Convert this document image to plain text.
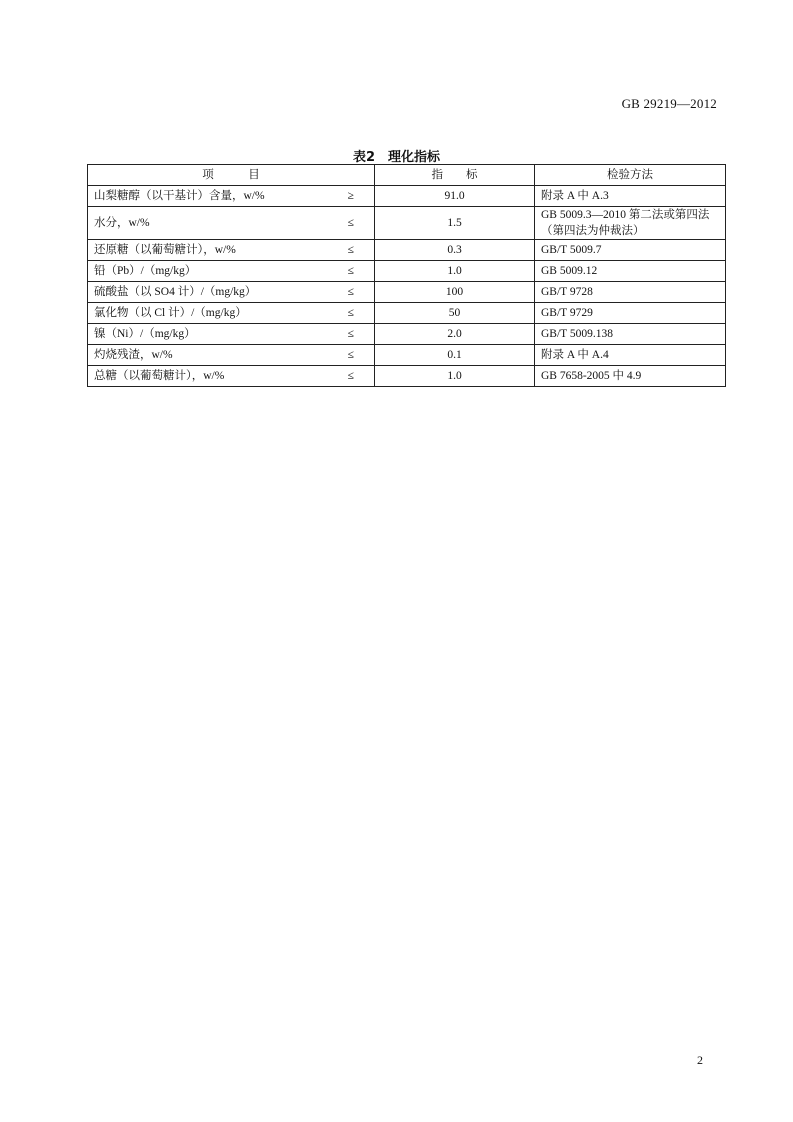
GB 29219—2012
表2　理化指标
项　　　目		指　　标	检验方法
山梨糖醇（以干基计）含量，w/%	≥	91.0	附录 A 中 A.3
水分，w/%	≤	1.5	GB 5009.3—2010 第二法或第四法
（第四法为仲裁法）

还原糖（以葡萄糖计），w/%	≤	0.3	GB/T 5009.7
铅（Pb）/（mg/kg）	≤	1.0	GB 5009.12
硫酸盐（以 SO4 计）/（mg/kg）	≤	100	GB/T 9728
氯化物（以 Cl 计）/（mg/kg）	≤	50	GB/T 9729
镍（Ni）/（mg/kg）	≤	2.0	GB/T 5009.138
灼烧残渣，w/%	≤	0.1	附录 A 中 A.4
总糖（以葡萄糖计），w/%	≤	1.0	GB 7658-2005 中 4.9
2
